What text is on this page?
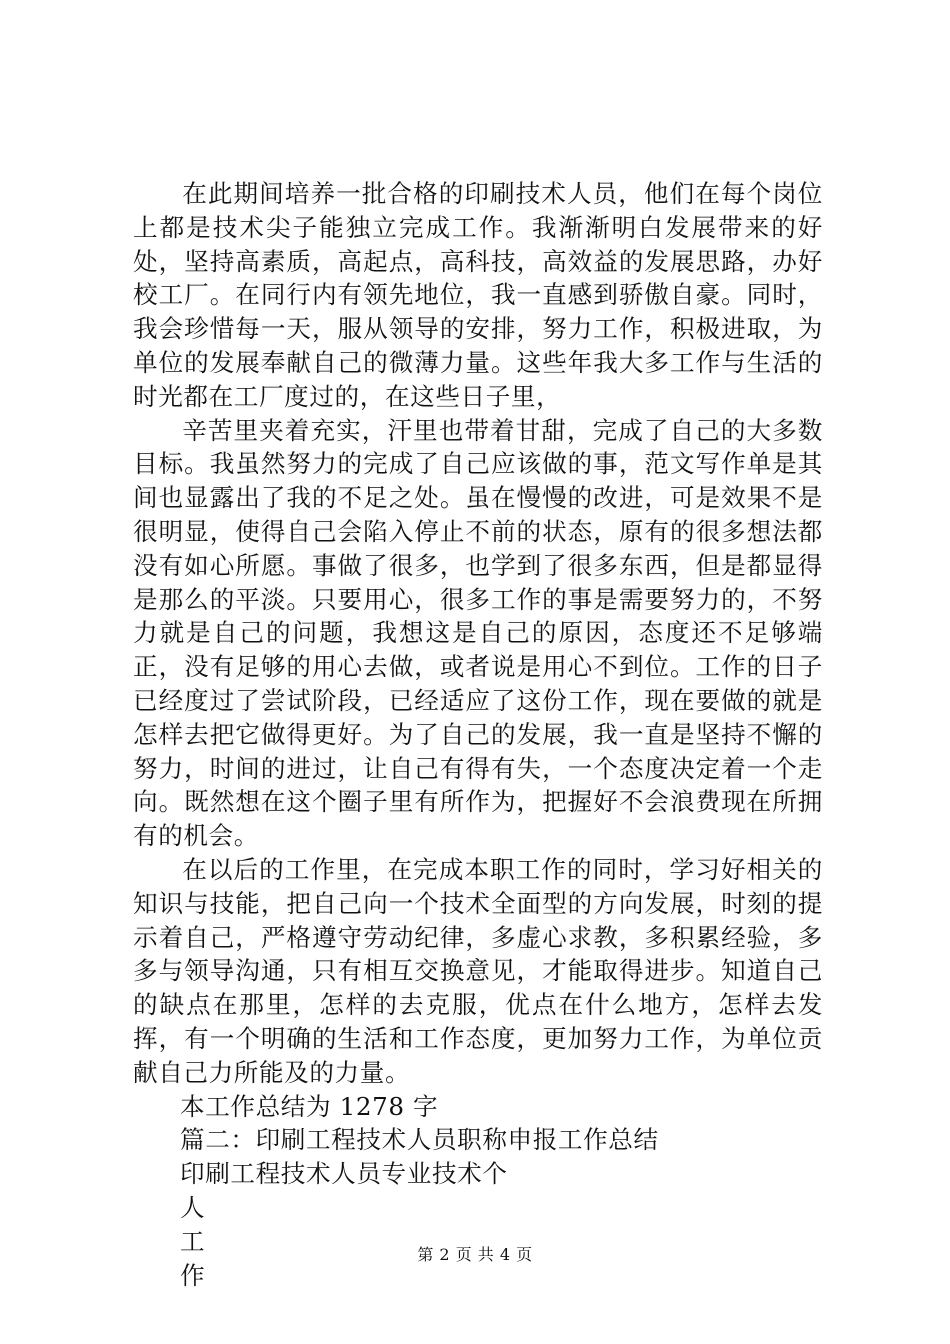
在此期间培养一批合格的印刷技术人员，他们在每个岗位上都是技术尖子能独立完成工作。我渐渐明白发展带来的好处，坚持高素质，高起点，高科技，高效益的发展思路，办好校工厂。在同行内有领先地位，我一直感到骄傲自豪。同时，我会珍惜每一天，服从领导的安排，努力工作，积极进取，为单位的发展奉献自己的微薄力量。这些年我大多工作与生活的时光都在工厂度过的，在这些日子里，

辛苦里夹着充实，汗里也带着甘甜，完成了自己的大多数目标。我虽然努力的完成了自己应该做的事，范文写作单是其间也显露出了我的不足之处。虽在慢慢的改进，可是效果不是很明显，使得自己会陷入停止不前的状态，原有的很多想法都没有如心所愿。事做了很多，也学到了很多东西，但是都显得是那么的平淡。只要用心，很多工作的事是需要努力的，不努力就是自己的问题，我想这是自己的原因，态度还不足够端正，没有足够的用心去做，或者说是用心不到位。工作的日子已经度过了尝试阶段，已经适应了这份工作，现在要做的就是怎样去把它做得更好。为了自己的发展，我一直是坚持不懈的努力，时间的进过，让自己有得有失，一个态度决定着一个走向。既然想在这个圈子里有所作为，把握好不会浪费现在所拥有的机会。

在以后的工作里，在完成本职工作的同时，学习好相关的知识与技能，把自己向一个技术全面型的方向发展，时刻的提示着自己，严格遵守劳动纪律，多虚心求教，多积累经验，多多与领导沟通，只有相互交换意见，才能取得进步。知道自己的缺点在那里，怎样的去克服，优点在什么地方，怎样去发挥，有一个明确的生活和工作态度，更加努力工作，为单位贡献自己力所能及的力量。

本工作总结为 1278 字

篇二：印刷工程技术人员职称申报工作总结

印刷工程技术人员专业技术个

人

工

作

第 2 页 共 4 页
